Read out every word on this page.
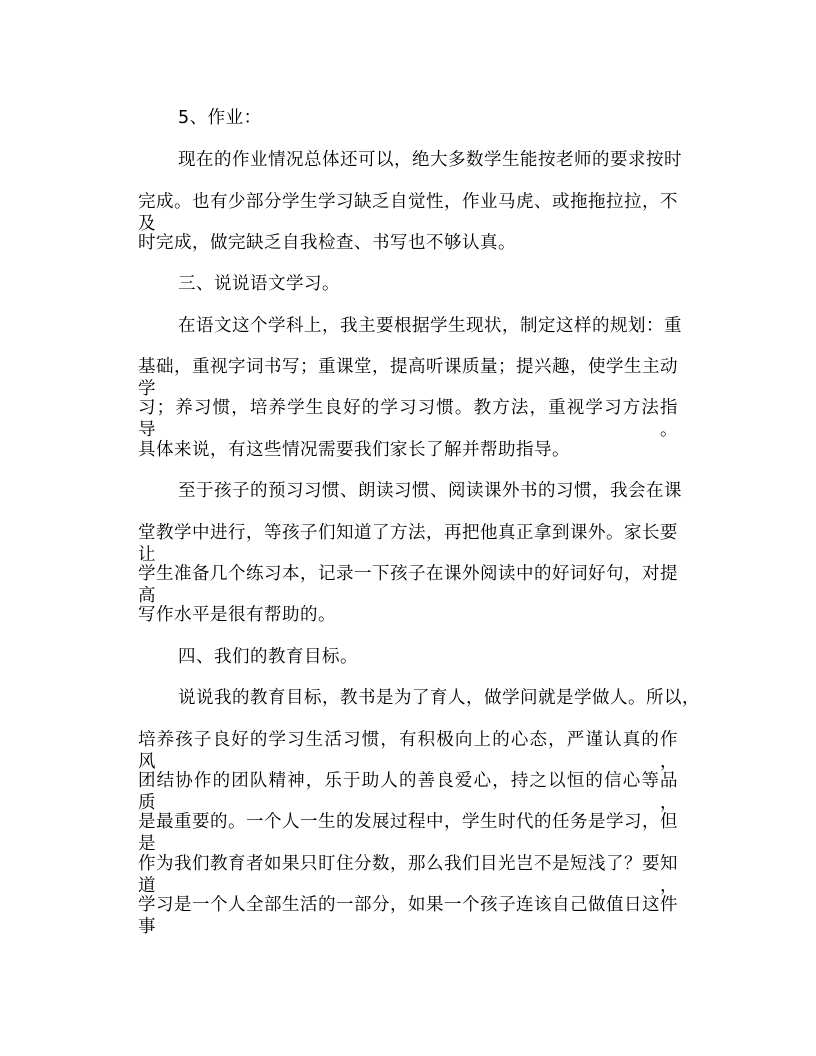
5、作业：
现在的作业情况总体还可以，绝大多数学生能按老师的要求按时
完成。也有少部分学生学习缺乏自觉性，作业马虎、或拖拖拉拉，不及
时完成，做完缺乏自我检查、书写也不够认真。
三、说说语文学习。
在语文这个学科上，我主要根据学生现状，制定这样的规划：重
基础，重视字词书写；重课堂，提高听课质量；提兴趣，使学生主动学
习；养习惯，培养学生良好的学习习惯。教方法，重视学习方法指导。
具体来说，有这些情况需要我们家长了解并帮助指导。
至于孩子的预习习惯、朗读习惯、阅读课外书的习惯，我会在课
堂教学中进行，等孩子们知道了方法，再把他真正拿到课外。家长要让
学生准备几个练习本，记录一下孩子在课外阅读中的好词好句，对提高
写作水平是很有帮助的。
四、我们的教育目标。
说说我的教育目标，教书是为了育人，做学问就是学做人。所以，
培养孩子良好的学习生活习惯，有积极向上的心态，严谨认真的作风，
团结协作的团队精神，乐于助人的善良爱心，持之以恒的信心等品质，
是最重要的。一个人一生的发展过程中，学生时代的任务是学习，但是
作为我们教育者如果只盯住分数，那么我们目光岂不是短浅了？要知道，
学习是一个人全部生活的一部分，如果一个孩子连该自己做值日这件事
